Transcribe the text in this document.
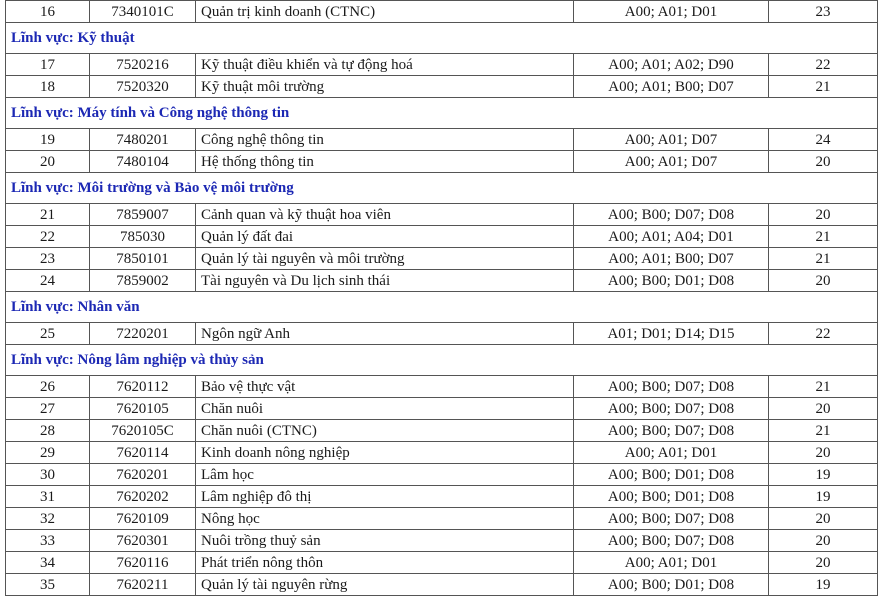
16	7340101C	Quản trị kinh doanh (CTNC)	A00; A01; D01	23
Lĩnh vực: Kỹ thuật				
17	7520216	Kỹ thuật điều khiển và tự động hoá	A00; A01; A02; D90	22
18	7520320	Kỹ thuật môi trường	A00; A01; B00; D07	21
Lĩnh vực: Máy tính và Công nghệ thông tin				
19	7480201	Công nghệ thông tin	A00; A01; D07	24
20	7480104	Hệ thống thông tin	A00; A01; D07	20
Lĩnh vực: Môi trường và Bảo vệ môi trường				
21	7859007	Cảnh quan và kỹ thuật hoa viên	A00; B00; D07; D08	20
22	785030	Quản lý đất đai	A00; A01; A04; D01	21
23	7850101	Quản lý tài nguyên và môi trường	A00; A01; B00; D07	21
24	7859002	Tài nguyên và Du lịch sinh thái	A00; B00; D01; D08	20
Lĩnh vực: Nhân văn				
25	7220201	Ngôn ngữ Anh	A01; D01; D14; D15	22
Lĩnh vực: Nông lâm nghiệp và thủy sản				
26	7620112	Bảo vệ thực vật	A00; B00; D07; D08	21
27	7620105	Chăn nuôi	A00; B00; D07; D08	20
28	7620105C	Chăn nuôi (CTNC)	A00; B00; D07; D08	21
29	7620114	Kinh doanh nông nghiệp	A00; A01; D01	20
30	7620201	Lâm học	A00; B00; D01; D08	19
31	7620202	Lâm nghiệp đô thị	A00; B00; D01; D08	19
32	7620109	Nông học	A00; B00; D07; D08	20
33	7620301	Nuôi trồng thuỷ sản	A00; B00; D07; D08	20
34	7620116	Phát triển nông thôn	A00; A01; D01	20
35	7620211	Quản lý tài nguyên rừng	A00; B00; D01; D08	19
